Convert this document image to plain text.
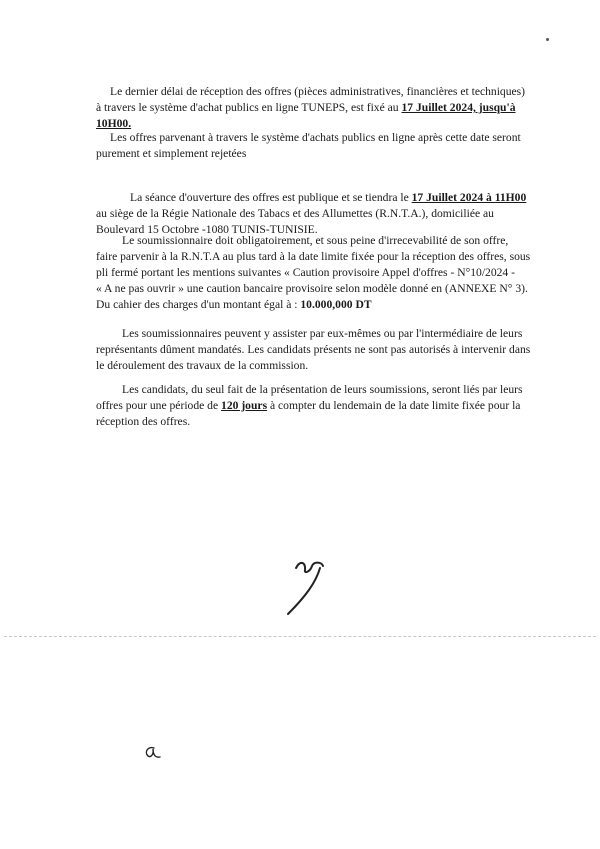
Le dernier délai de réception des offres (pièces administratives, financières et techniques)
à travers le système d'achat publics en ligne TUNEPS, est fixé au 17 Juillet 2024, jusqu'à
10H00.

Les offres parvenant à travers le système d'achats publics en ligne après cette date seront
purement et simplement rejetées

La séance d'ouverture des offres est publique et se tiendra le 17 Juillet 2024 à 11H00
au siège de la Régie Nationale des Tabacs et des Allumettes (R.N.T.A.), domiciliée au
Boulevard 15 Octobre -1080 TUNIS-TUNISIE.

Le soumissionnaire doit obligatoirement, et sous peine d'irrecevabilité de son offre,
faire parvenir à la R.N.T.A au plus tard à la date limite fixée pour la réception des offres, sous
pli fermé portant les mentions suivantes « Caution provisoire Appel d'offres - N°10/2024 -
« A ne pas ouvrir » une caution bancaire provisoire selon modèle donné en (ANNEXE N° 3).
Du cahier des charges d'un montant égal à : 10.000,000 DT

Les soumissionnaires peuvent y assister par eux-mêmes ou par l'intermédiaire de leurs
représentants dûment mandatés. Les candidats présents ne sont pas autorisés à intervenir dans
le déroulement des travaux de la commission.

Les candidats, du seul fait de la présentation de leurs soumissions, seront liés par leurs
offres pour une période de 120 jours à compter du lendemain de la date limite fixée pour la
réception des offres.
